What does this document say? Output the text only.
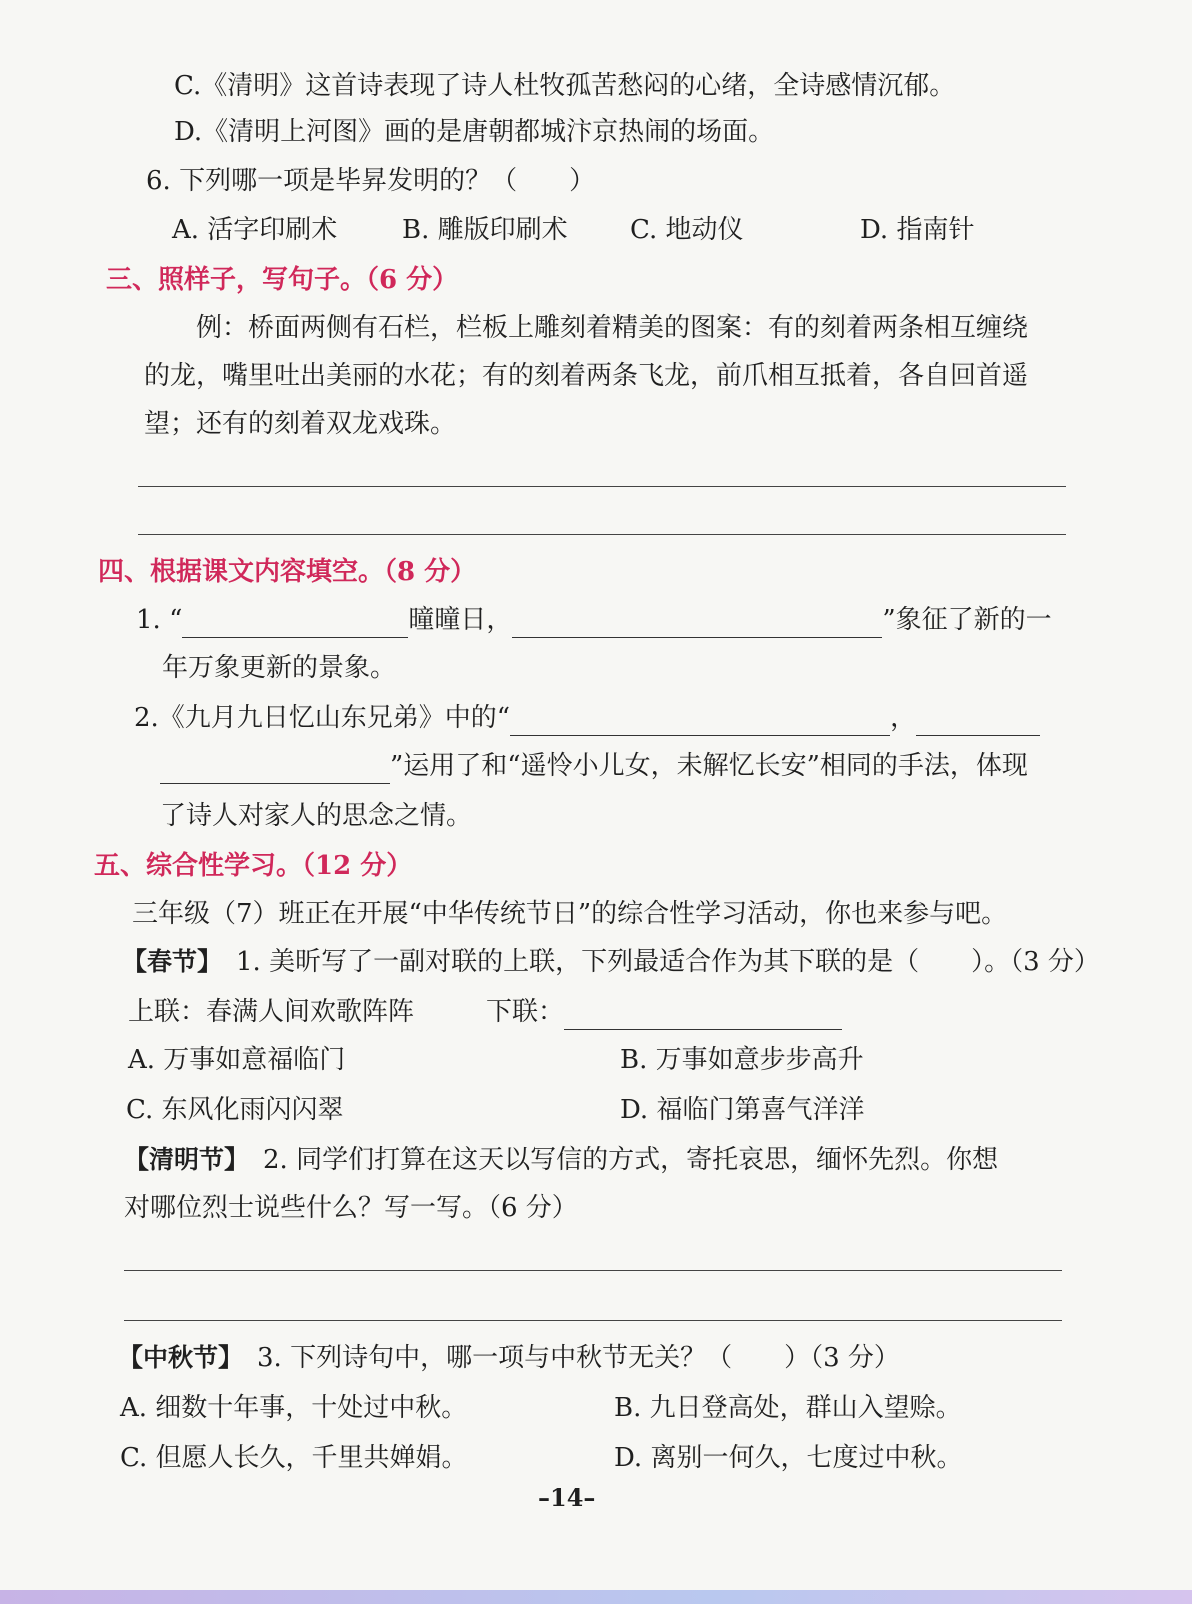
C.《清明》这首诗表现了诗人杜牧孤苦愁闷的心绪，全诗感情沉郁。
D.《清明上河图》画的是唐朝都城汴京热闹的场面。
6. 下列哪一项是毕昇发明的？（ ）
A. 活字印刷术 B. 雕版印刷术 C. 地动仪	D. 指南针
三、照样子，写句子。（6 分）
例：桥面两侧有石栏，栏板上雕刻着精美的图案：有的刻着两条相互缠绕
的龙，嘴里吐出美丽的水花；有的刻着两条飞龙，前爪相互抵着，各自回首遥
望；还有的刻着双龙戏珠。
四、根据课文内容填空。（8 分）
1. “	曈曈日，	”象征了新的一
年万象更新的景象。
2.《九月九日忆山东兄弟》中的“	，
”运用了和“遥怜小儿女，未解忆长安”相同的手法，体现
了诗人对家人的思念之情。
五、综合性学习。（12 分）
三年级（7）班正在开展“中华传统节日”的综合性学习活动，你也来参与吧。
【春节】 1. 美昕写了一副对联的上联，下列最适合作为其下联的是（ ）。（3 分）
上联：春满人间欢歌阵阵	下联：
A. 万事如意福临门	B. 万事如意步步高升
C. 东风化雨闪闪翠	D. 福临门第喜气洋洋
【清明节】 2. 同学们打算在这天以写信的方式，寄托哀思，缅怀先烈。你想
对哪位烈士说些什么？写一写。（6 分）
【中秋节】 3. 下列诗句中，哪一项与中秋节无关？（ ）（3 分）
A. 细数十年事，十处过中秋。	B. 九日登高处，群山入望赊。
C. 但愿人长久，千里共婵娟。	D. 离别一何久，七度过中秋。
–14–
